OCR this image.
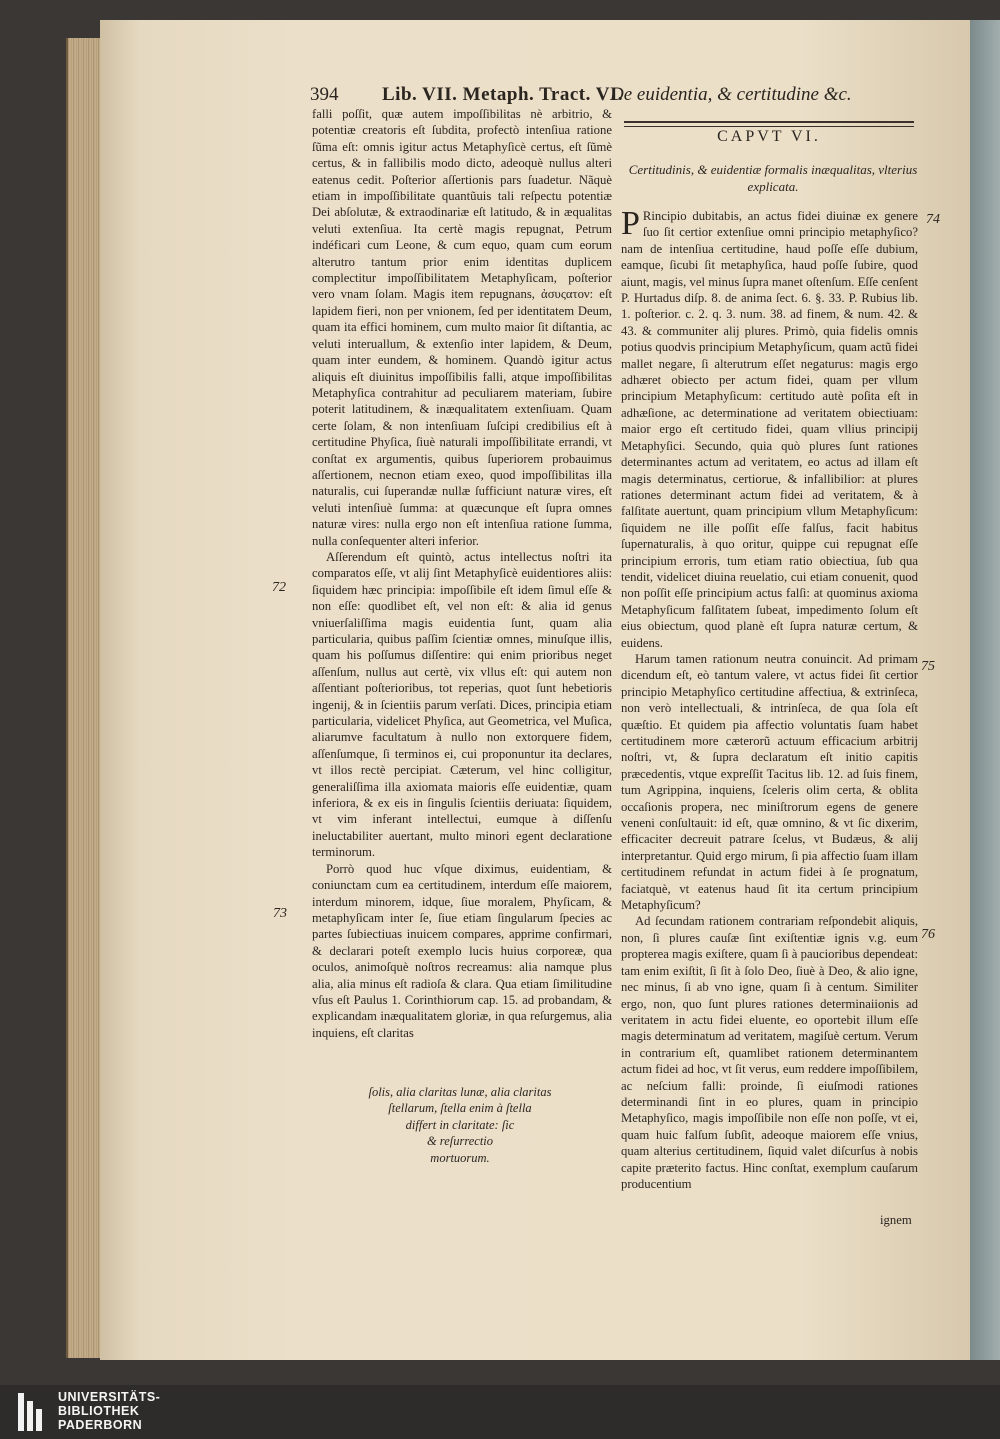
394 Lib. VII. Metaph. Tract. VI.
De euidentia, & certitudine &c.

falli poſſit, quæ autem impoſſibilitas nè arbitrio, & potentiæ creatoris eſt ſubdita, profectò intenſiua ratione ſũma eſt: omnis igitur actus Metaphyſicè certus, eſt ſũmè certus, & in fallibilis modo dicto, adeoquè nullus alteri eatenus cedit. Poſterior aſſertionis pars ſuadetur. Nãquè etiam in impoſſibilitate quantũuis tali reſpectu potentiæ Dei abſolutæ, & extraodinariæ eſt latitudo, & in æqualitas veluti extenſiua. Ita certè magis repugnat, Petrum indéficari cum Leone, & cum equo, quam cum eorum alterutro tantum prior enim identitas duplicem complectitur impoſſibilitatem Metaphyſicam, poſterior vero vnam ſolam. Magis item repugnans, ἀσυςατον: eſt lapidem fieri, non per vnionem, ſed per identitatem Deum, quam ita effici hominem, cum multo maior ſit diſtantia, ac veluti interuallum, & extenſio inter lapidem, & Deum, quam inter eundem, & hominem. Quandò igitur actus aliquis eſt diuinitus impoſſibilis falli, atque impoſſibilitas Metaphyſica contrahitur ad peculiarem materiam, ſubire poterit latitudinem, & inæqualitatem extenſiuam. Quam certe ſolam, & non intenſiuam ſuſcipi credibilius eſt à certitudine Phyſica, ſiuè naturali impoſſibilitate errandi, vt conſtat ex argumentis, quibus ſuperiorem probauimus aſſertionem, necnon etiam exeo, quod impoſſibilitas illa naturalis, cui ſuperandæ nullæ ſufficiunt naturæ vires, eſt veluti intenſiuè ſumma: at quæcunque eſt ſupra omnes naturæ vires: nulla ergo non eſt intenſiua ratione ſumma, nulla conſequenter alteri inferior.

Aſſerendum eſt quintò, actus intellectus noſtri ita comparatos eſſe, vt alij ſint Metaphyſicè euidentiores aliis: ſiquidem hæc principia: impoſſibile eſt idem ſimul eſſe & non eſſe: quodlibet eſt, vel non eſt: & alia id genus vniuerſaliſſima magis euidentia ſunt, quam alia particularia, quibus paſſim ſcientiæ omnes, minuſque illis, quam his poſſumus diſſentire: qui enim prioribus neget aſſenſum, nullus aut certè, vix vllus eſt: qui autem non aſſentiant poſterioribus, tot reperias, quot ſunt hebetioris ingenij, & in ſcientiis parum verſati. Dices, principia etiam particularia, videlicet Phyſica, aut Geometrica, vel Muſica, aliarumve facultatum à nullo non extorquere fidem, aſſenſumque, ſi terminos ei, cui proponuntur ita declares, vt illos rectè percipiat. Cæterum, vel hinc colligitur, generaliſſima illa axiomata maioris eſſe euidentiæ, quam inferiora, & ex eis in ſingulis ſcientiis deriuata: ſiquidem, vt vim inferant intellectui, eumque à diſſenſu ineluctabiliter auertant, multo minori egent declaratione terminorum.

Porrò quod huc vſque diximus, euidentiam, & coniunctam cum ea certitudinem, interdum eſſe maiorem, interdum minorem, idque, ſiue moralem, Phyſicam, & metaphyſicam inter ſe, ſiue etiam ſingularum ſpecies ac partes ſubiectiuas inuicem compares, apprime confirmari, & declarari poteſt exemplo lucis huius corporeæ, qua oculos, animoſquè noſtros recreamus: alia namque plus alia, alia minus eſt radioſa & clara. Qua etiam ſimilitudine vſus eſt Paulus 1. Corinthiorum cap. 15. ad probandam, & explicandam inæqualitatem gloriæ, in qua reſurgemus, alia inquiens, eſt claritas

ſolis, alia claritas lunæ, alia claritas
ſtellarum, ſtella enim à ſtella
differt in claritate: ſic
& reſurrectio
mortuorum.
CAPVT VI.
Certitudinis, & euidentiæ formalis inæqualitas, vlterius explicata.

P Rincipio dubitabis, an actus fidei diuinæ ex genere ſuo ſit certior extenſiue omni principio metaphyſico? nam de intenſiua certitudine, haud poſſe eſſe dubium, eamque, ſicubi ſit metaphyſica, haud poſſe ſubire, quod aiunt, magis, vel minus ſupra manet oſtenſum. Eſſe cenſent P. Hurtadus diſp. 8. de anima ſect. 6. §. 33. P. Rubius lib. 1. poſterior. c. 2. q. 3. num. 38. ad finem, & num. 42. & 43. & communiter alij plures. Primò, quia fidelis omnis potius quodvis principium Metaphyſicum, quam actũ fidei mallet negare, ſi alterutrum eſſet negaturus: magis ergo adhæret obiecto per actum fidei, quam per vllum principium Metaphyſicum: certitudo autè poſita eſt in adhæſione, ac determinatione ad veritatem obiectiuam: maior ergo eſt certitudo fidei, quam vllius principij Metaphyſici. Secundo, quia quò plures ſunt rationes determinantes actum ad veritatem, eo actus ad illam eſt magis determinatus, certiorue, & infallibilior: at plures rationes determinant actum fidei ad veritatem, & à falſitate auertunt, quam principium vllum Metaphyſicum: ſiquidem ne ille poſſit eſſe falſus, facit habitus ſupernaturalis, à quo oritur, quippe cui repugnat eſſe principium erroris, tum etiam ratio obiectiua, ſub qua tendit, videlicet diuina reuelatio, cui etiam conuenit, quod non poſſit eſſe principium actus falſi: at quominus axioma Metaphyſicum falſitatem ſubeat, impedimento ſolum eſt eius obiectum, quod planè eſt ſupra naturæ certum, & euidens.

Harum tamen rationum neutra conuincit. Ad primam dicendum eſt, eò tantum valere, vt actus fidei ſit certior principio Metaphyſico certitudine affectiua, & extrinſeca, non verò intellectuali, & intrinſeca, de qua ſola eſt quæſtio. Et quidem pia affectio voluntatis ſuam habet certitudinem more cæterorũ actuum efficacium arbitrij noſtri, vt, & ſupra declaratum eſt initio capitis præcedentis, vtque expreſſit Tacitus lib. 12. ad ſuis finem, tum Agrippina, inquiens, ſceleris olim certa, & oblita occaſionis propera, nec miniſtrorum egens de genere veneni conſultauit: id eſt, quæ omnino, & vt ſic dixerim, efficaciter decreuit patrare ſcelus, vt Budæus, & alij interpretantur. Quid ergo mirum, ſi pia affectio ſuam illam certitudinem refundat in actum fidei à ſe prognatum, faciatquè, vt eatenus haud ſit ita certum principium Metaphyſicum?

Ad ſecundam rationem contrariam reſpondebit aliquis, non, ſi plures cauſæ ſint exiſtentiæ ignis v.g. eum propterea magis exiſtere, quam ſi à paucioribus dependeat: tam enim exiſtit, ſi ſit à ſolo Deo, ſiuè à Deo, & alio igne, nec minus, ſi ab vno igne, quam ſi à centum. Similiter ergo, non, quo ſunt plures rationes determinaiionis ad veritatem in actu fidei eluente, eo oportebit illum eſſe magis determinatum ad veritatem, magiſuè certum. Verum in contrarium eſt, quamlibet rationem determinantem actum fidei ad hoc, vt ſit verus, eum reddere impoſſibilem, ac neſcium falli: proinde, ſi eiuſmodi rationes determinandi ſint in eo plures, quam in principio Metaphyſico, magis impoſſibile non eſſe non poſſe, vt ei, quam huic falſum ſubſit, adeoque maiorem eſſe vnius, quam alterius certitudinem, ſiquid valet diſcurſus à nobis capite præterito factus. Hinc conſtat, exemplum cauſarum producentium

ignem
72
73
74
75
76
UNIVERSITÄTS-
BIBLIOTHEK
PADERBORN
